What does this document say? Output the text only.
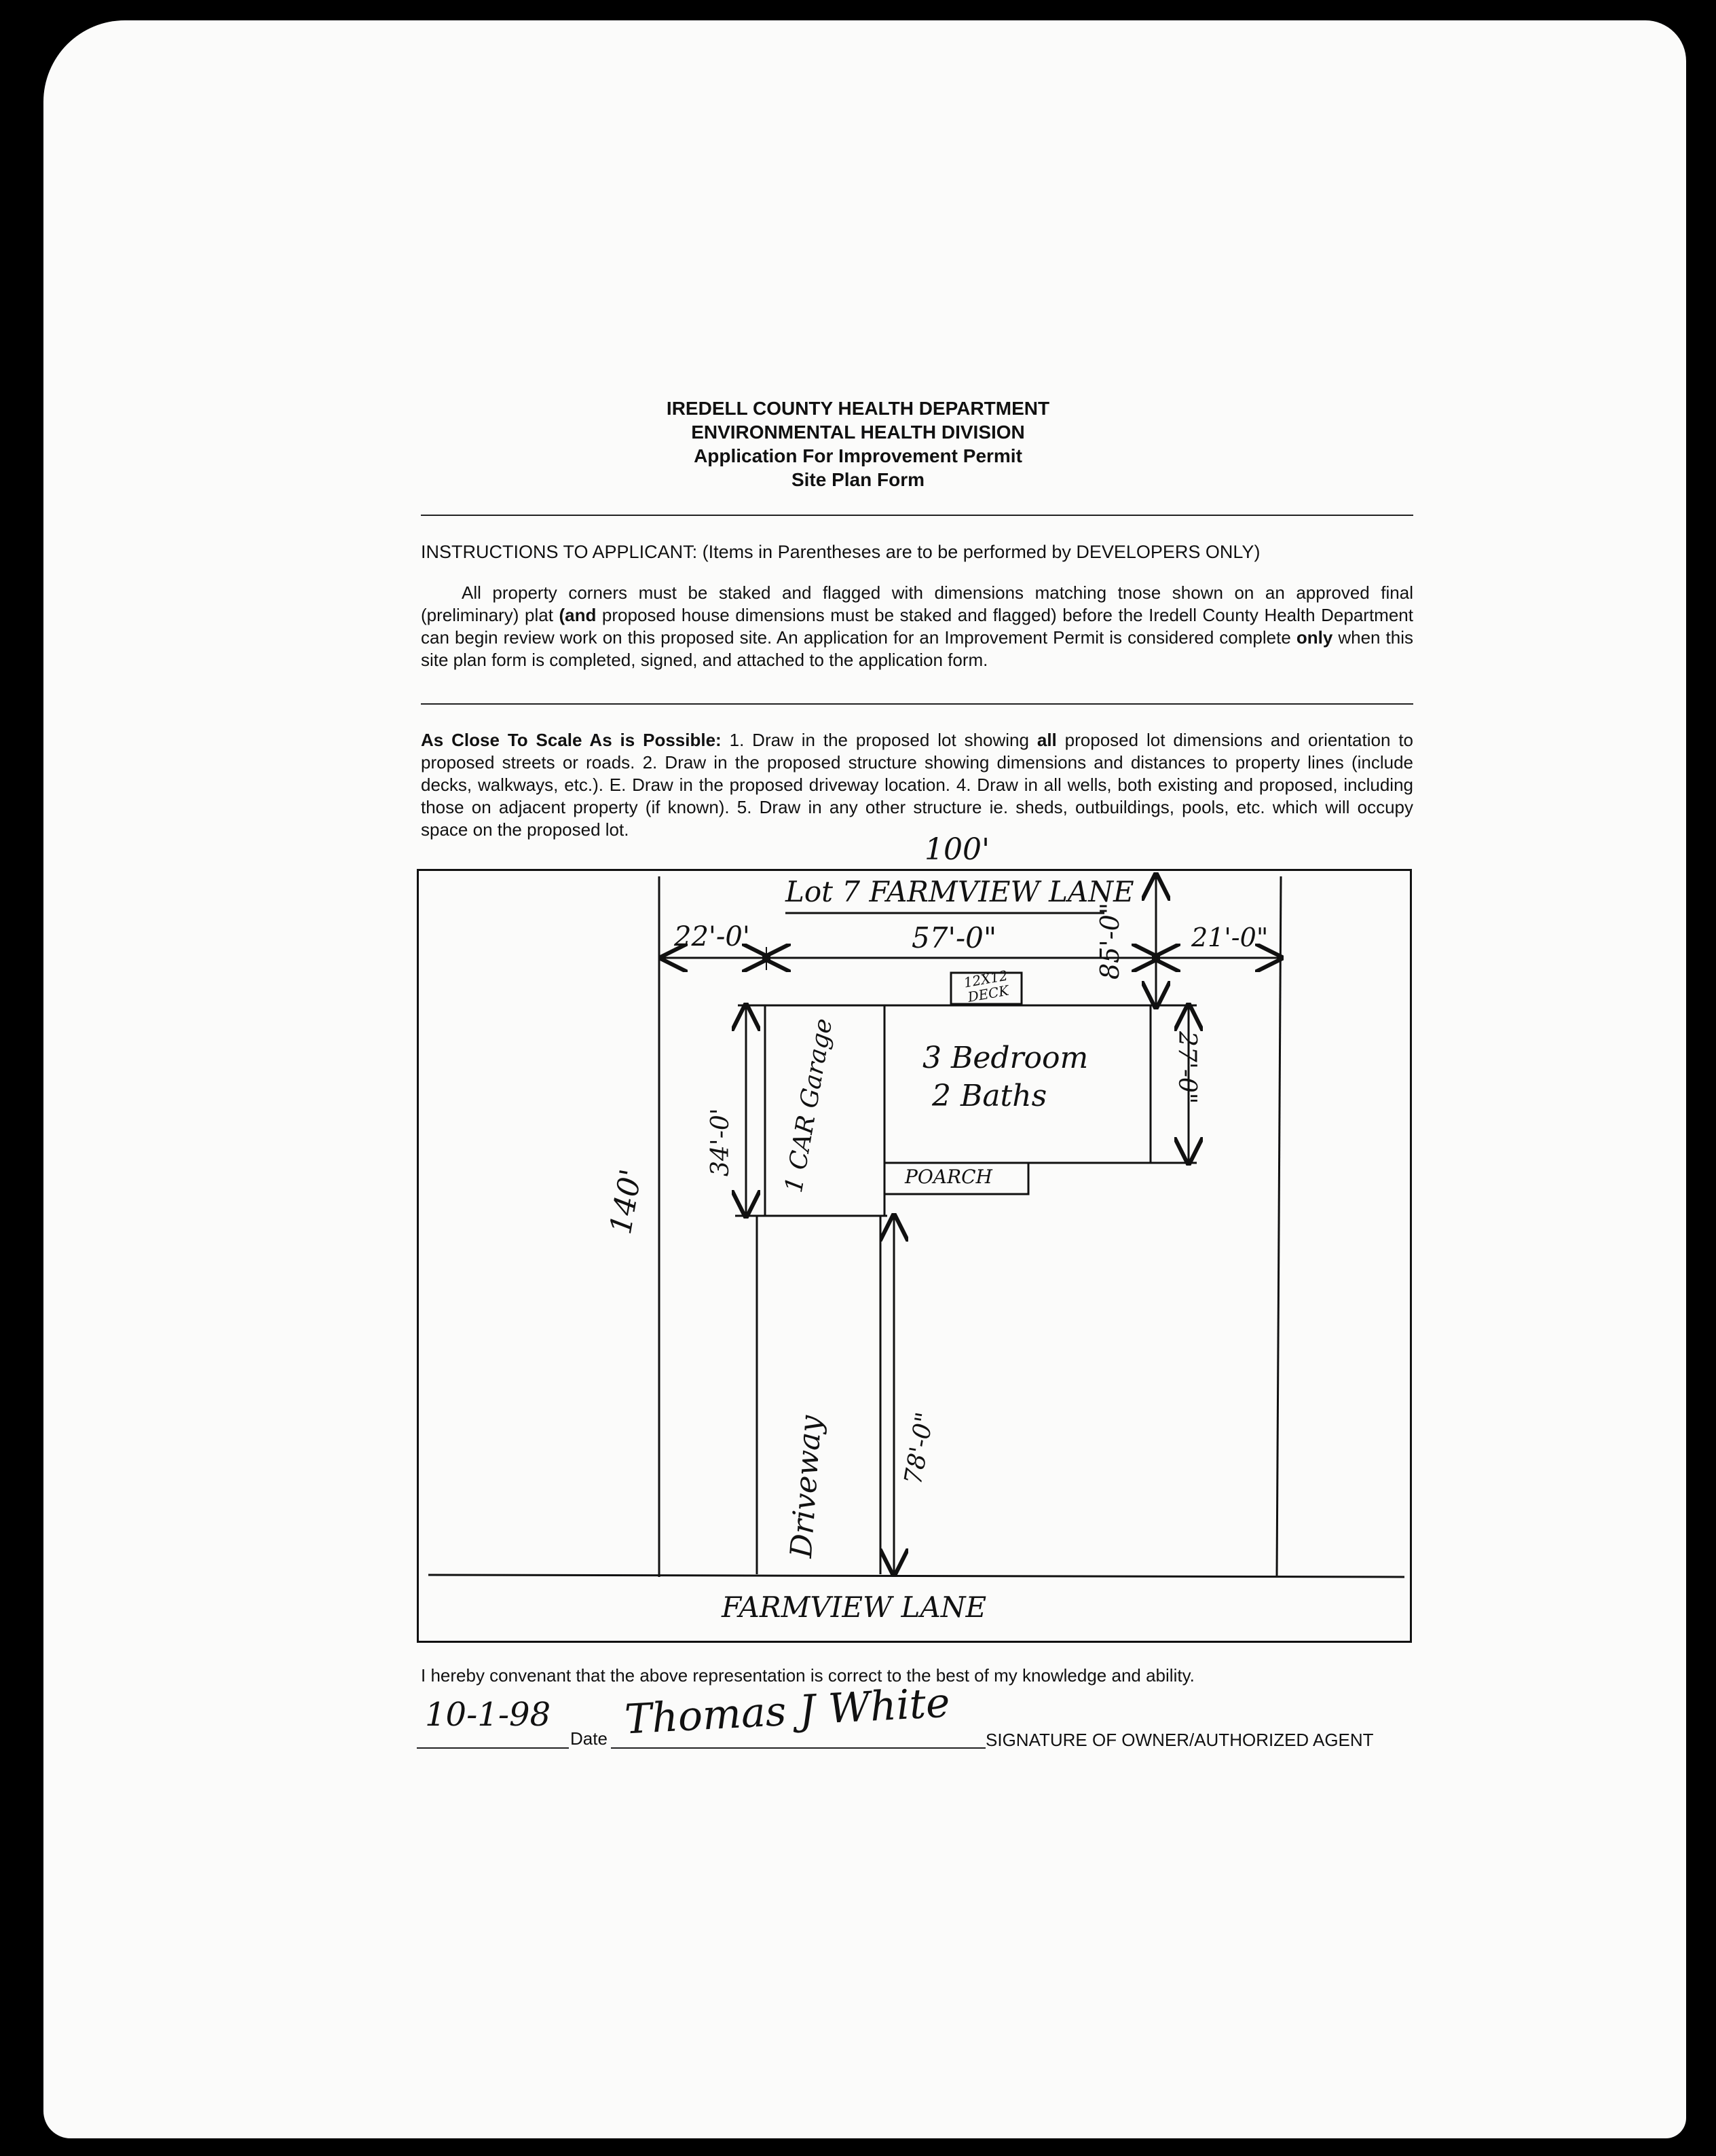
IREDELL COUNTY HEALTH DEPARTMENT
ENVIRONMENTAL HEALTH DIVISION
Application For Improvement Permit
Site Plan Form
INSTRUCTIONS TO APPLICANT: (Items in Parentheses are to be performed by DEVELOPERS ONLY)
All property corners must be staked and flagged with dimensions matching tnose shown on an approved final (preliminary) plat (and proposed house dimensions must be staked and flagged) before the Iredell County Health Department can begin review work on this proposed site. An application for an Improvement Permit is considered complete only when this site plan form is completed, signed, and attached to the application form.
As Close To Scale As is Possible: 1. Draw in the proposed lot showing all proposed lot dimensions and orientation to proposed streets or roads. 2. Draw in the proposed structure showing dimensions and distances to property lines (include decks, walkways, etc.). E. Draw in the proposed driveway location. 4. Draw in all wells, both existing and proposed, including those on adjacent property (if known). 5. Draw in any other structure ie. sheds, outbuildings, pools, etc. which will occupy space on the proposed lot.
100'
Lot 7 FARMVIEW LANE
140'
22'-0'	57'-0"	21'-0"
85'-0"
12X12 DECK
3 Bedroom
2 Baths
1 CAR Garage
34'-0'
27'-0"
POARCH
Driveway	78'-0"
FARMVIEW LANE
I hereby convenant that the above representation is correct to the best of my knowledge and ability.
10-1-98
Date Thomas J White SIGNATURE OF OWNER/AUTHORIZED AGENT
